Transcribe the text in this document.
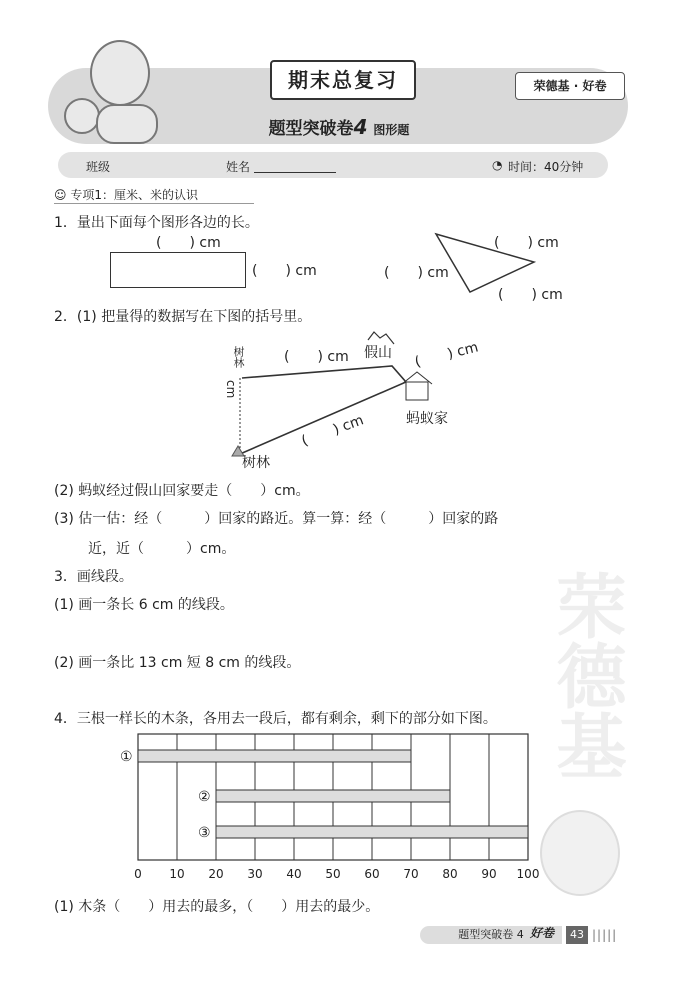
期末总复习
题型突破卷4 图形题
荣德基 · 好卷
班级	姓名	◔ 时间：40分钟
☺ 专项1：厘米、米的认识
1．量出下面每个图形各边的长。
(　　) cm
(　　) cm
(　　) cm
(　　) cm
(　　) cm
2．(1) 把量得的数据写在下图的括号里。
树林	(　　) cm 假山 (　　) cm
cm
(　　) cm	蚂蚁家
树林
(2) 蚂蚁经过假山回家要走（　　）cm。
(3) 估一估：经（　　　）回家的路近。算一算：经（　　　）回家的路
近，近（　　　）cm。
3．画线段。
(1) 画一条长 6 cm 的线段。
(2) 画一条比 13 cm 短 8 cm 的线段。
4．三根一样长的木条，各用去一段后，都有剩余，剩下的部分如下图。
①
②
③
0 10 20 30 40 50 60 70 80 90 100
(1) 木条（　　）用去的最多，（　　）用去的最少。
荣德基
题型突破卷 4 好卷	43 |||||
